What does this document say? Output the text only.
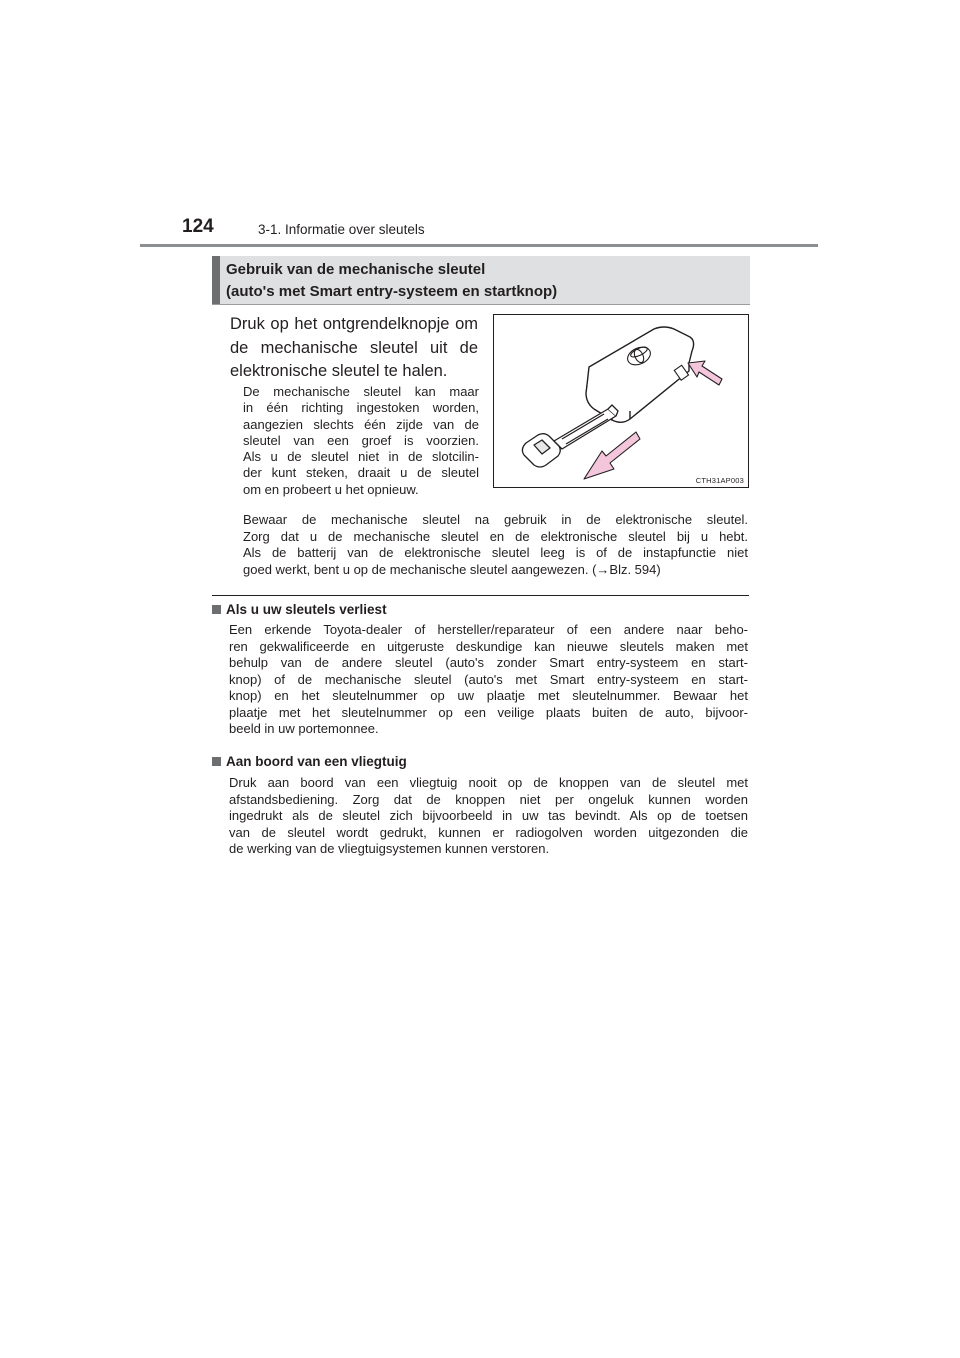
124	3-1. Informatie over sleutels
Gebruik van de mechanische sleutel
(auto's met Smart entry-systeem en startknop)

Druk op het ontgrendelknopje om
de mechanische sleutel uit de
elektronische sleutel te halen.

De mechanische sleutel kan maar
in één richting ingestoken worden,
aangezien slechts één zijde van de
sleutel van een groef is voorzien.
Als u de sleutel niet in de slotcilin-
der kunt steken, draait u de sleutel
om en probeert u het opnieuw.

CTH31AP003

Bewaar de mechanische sleutel na gebruik in de elektronische sleutel.
Zorg dat u de mechanische sleutel en de elektronische sleutel bij u hebt.
Als de batterij van de elektronische sleutel leeg is of de instapfunctie niet
goed werkt, bent u op de mechanische sleutel aangewezen. (→Blz. 594)

Als u uw sleutels verliest

Een erkende Toyota-dealer of hersteller/reparateur of een andere naar beho-
ren gekwalificeerde en uitgeruste deskundige kan nieuwe sleutels maken met
behulp van de andere sleutel (auto's zonder Smart entry-systeem en start-
knop) of de mechanische sleutel (auto's met Smart entry-systeem en start-
knop) en het sleutelnummer op uw plaatje met sleutelnummer. Bewaar het
plaatje met het sleutelnummer op een veilige plaats buiten de auto, bijvoor-
beeld in uw portemonnee.

Aan boord van een vliegtuig

Druk aan boord van een vliegtuig nooit op de knoppen van de sleutel met
afstandsbediening. Zorg dat de knoppen niet per ongeluk kunnen worden
ingedrukt als de sleutel zich bijvoorbeeld in uw tas bevindt. Als op de toetsen
van de sleutel wordt gedrukt, kunnen er radiogolven worden uitgezonden die
de werking van de vliegtuigsystemen kunnen verstoren.
